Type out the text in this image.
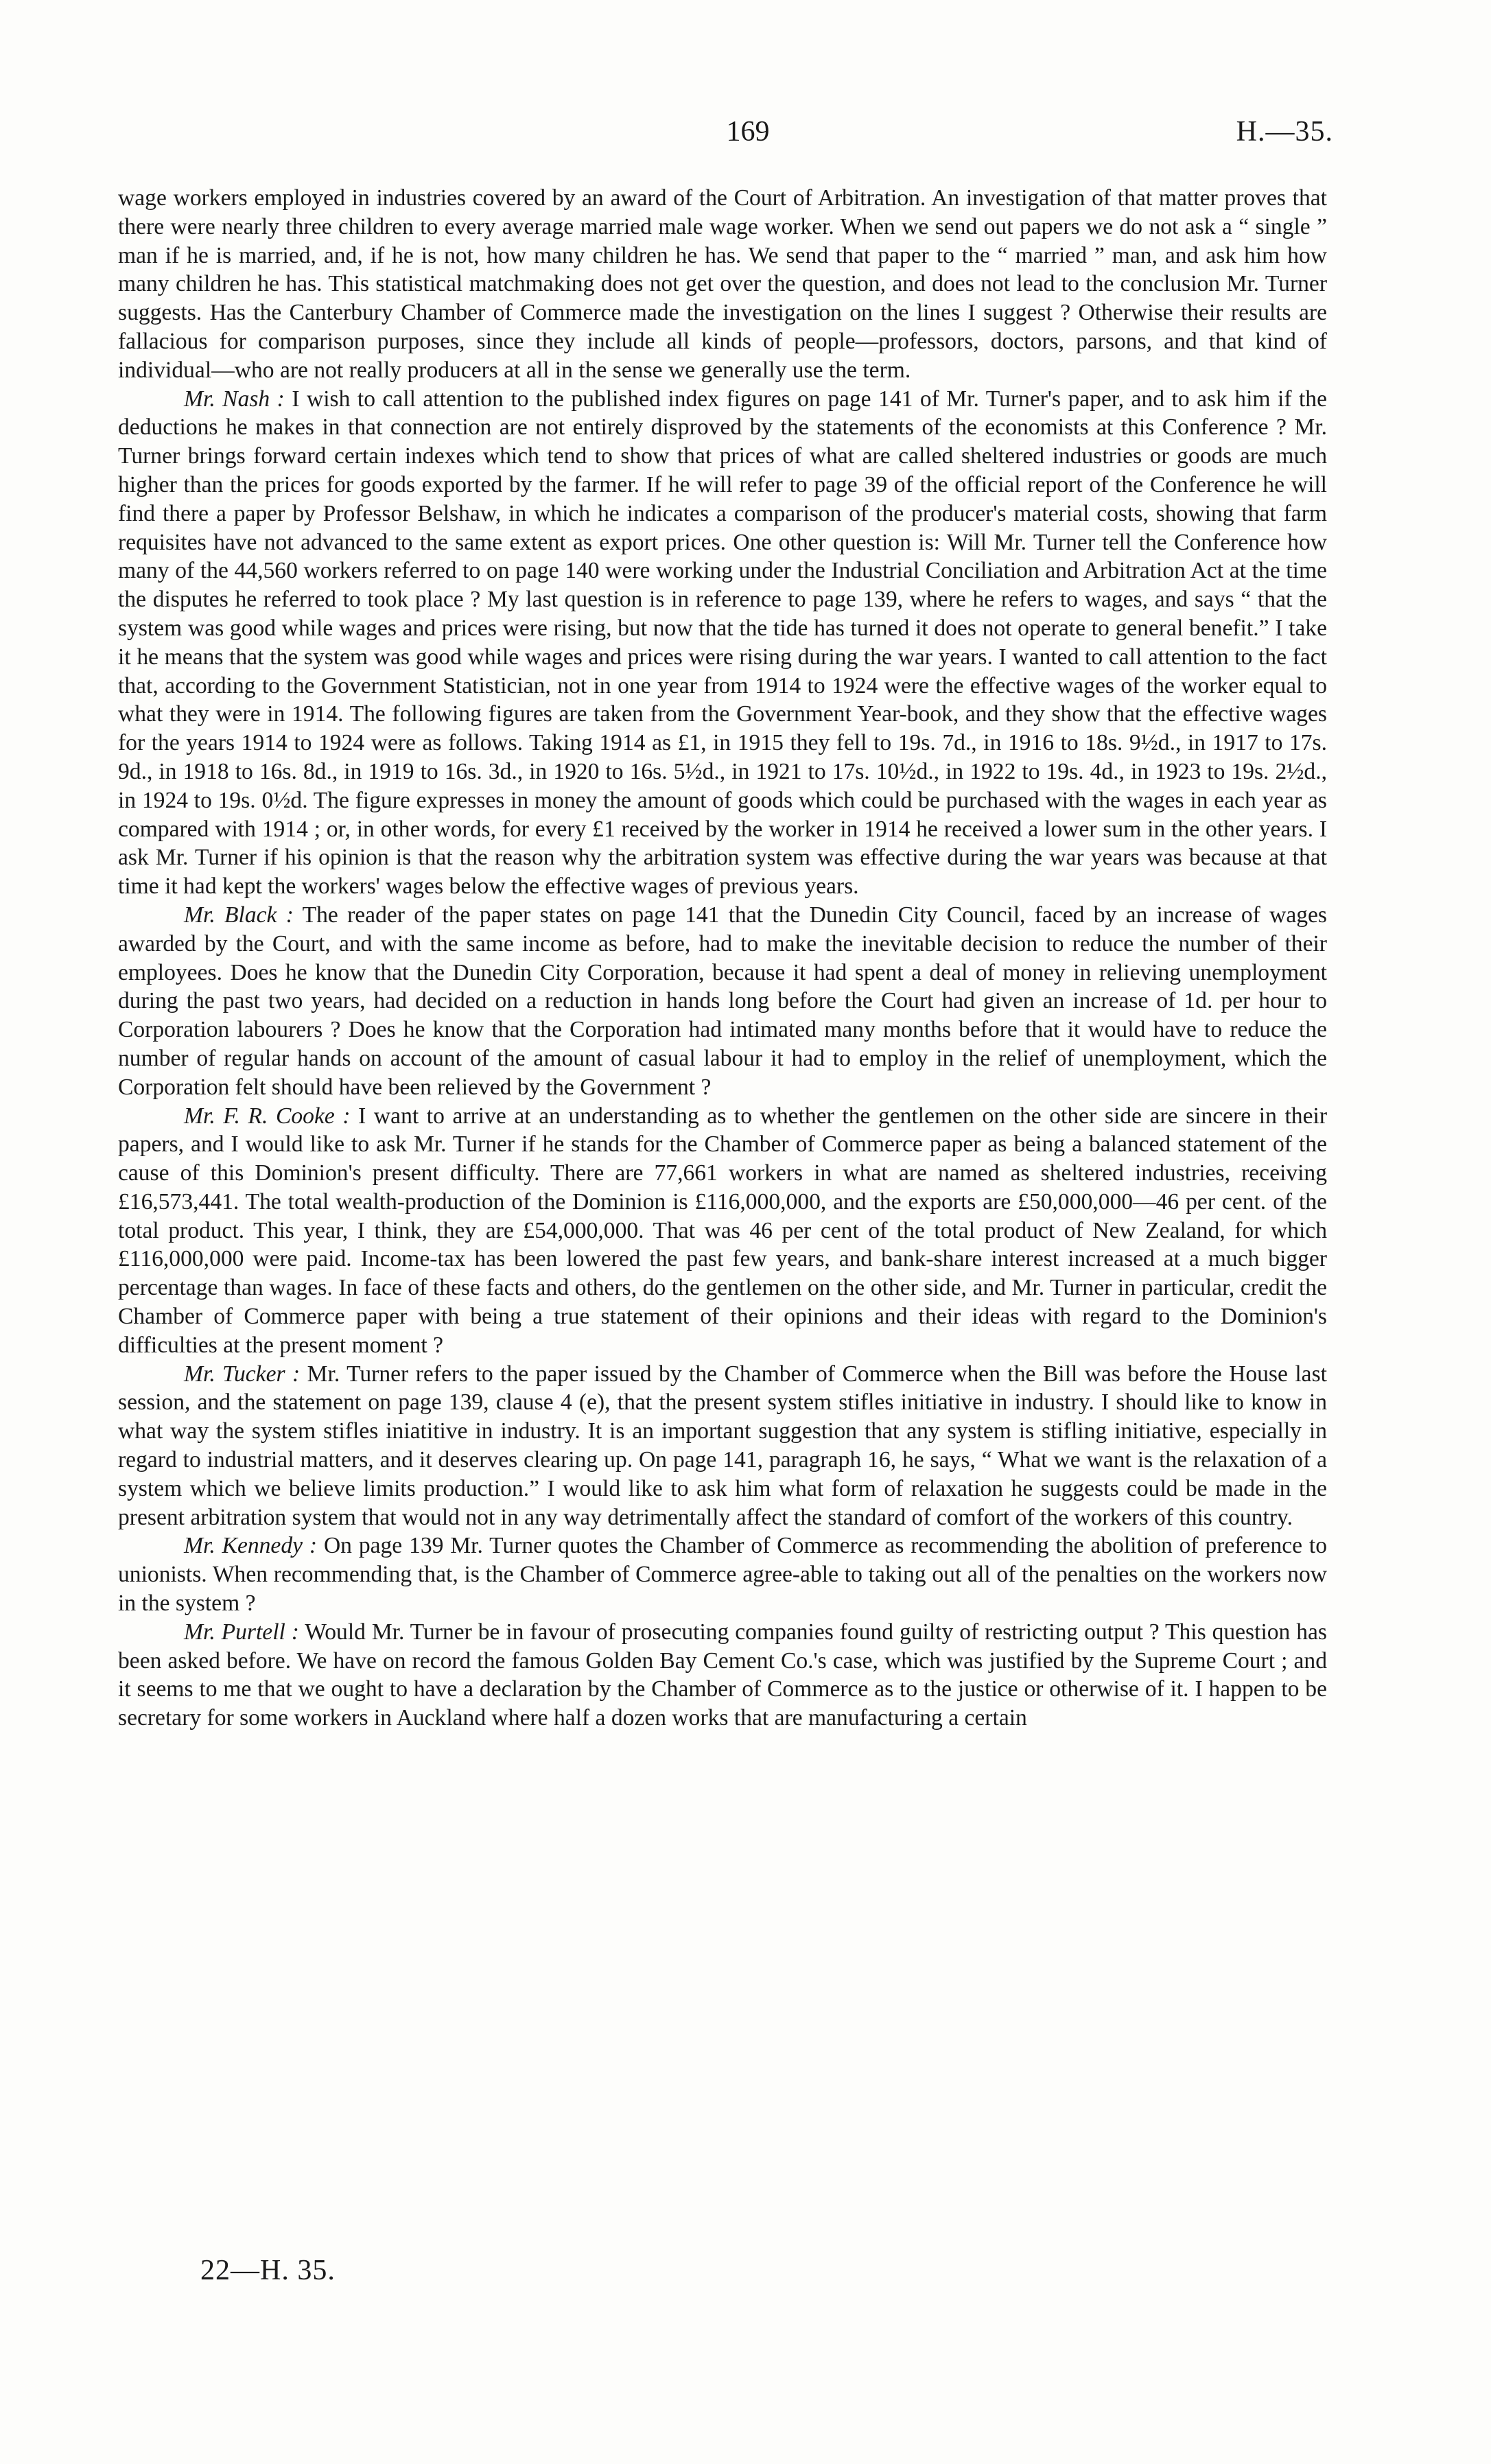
169	H.—35.

wage workers employed in industries covered by an award of the Court of Arbitration. An investigation of that matter proves that there were nearly three children to every average married male wage worker. When we send out papers we do not ask a “ single ” man if he is married, and, if he is not, how many children he has. We send that paper to the “ married ” man, and ask him how many children he has. This statistical matchmaking does not get over the question, and does not lead to the conclusion Mr. Turner suggests. Has the Canterbury Chamber of Commerce made the investigation on the lines I suggest ? Otherwise their results are fallacious for comparison purposes, since they include all kinds of people—professors, doctors, parsons, and that kind of individual—who are not really producers at all in the sense we generally use the term.

Mr. Nash : I wish to call attention to the published index figures on page 141 of Mr. Turner's paper, and to ask him if the deductions he makes in that connection are not entirely disproved by the statements of the economists at this Conference ? Mr. Turner brings forward certain indexes which tend to show that prices of what are called sheltered industries or goods are much higher than the prices for goods exported by the farmer. If he will refer to page 39 of the official report of the Conference he will find there a paper by Professor Belshaw, in which he indicates a comparison of the producer's material costs, showing that farm requisites have not advanced to the same extent as export prices. One other question is: Will Mr. Turner tell the Conference how many of the 44,560 workers referred to on page 140 were working under the Industrial Conciliation and Arbitration Act at the time the disputes he referred to took place ? My last question is in reference to page 139, where he refers to wages, and says “ that the system was good while wages and prices were rising, but now that the tide has turned it does not operate to general benefit.” I take it he means that the system was good while wages and prices were rising during the war years. I wanted to call attention to the fact that, according to the Government Statistician, not in one year from 1914 to 1924 were the effective wages of the worker equal to what they were in 1914. The following figures are taken from the Government Year-book, and they show that the effective wages for the years 1914 to 1924 were as follows. Taking 1914 as £1, in 1915 they fell to 19s. 7d., in 1916 to 18s. 9½d., in 1917 to 17s. 9d., in 1918 to 16s. 8d., in 1919 to 16s. 3d., in 1920 to 16s. 5½d., in 1921 to 17s. 10½d., in 1922 to 19s. 4d., in 1923 to 19s. 2½d., in 1924 to 19s. 0½d. The figure expresses in money the amount of goods which could be purchased with the wages in each year as compared with 1914 ; or, in other words, for every £1 received by the worker in 1914 he received a lower sum in the other years. I ask Mr. Turner if his opinion is that the reason why the arbitration system was effective during the war years was because at that time it had kept the workers' wages below the effective wages of previous years.

Mr. Black : The reader of the paper states on page 141 that the Dunedin City Council, faced by an increase of wages awarded by the Court, and with the same income as before, had to make the inevitable decision to reduce the number of their employees. Does he know that the Dunedin City Corporation, because it had spent a deal of money in relieving unemployment during the past two years, had decided on a reduction in hands long before the Court had given an increase of 1d. per hour to Corporation labourers ? Does he know that the Corporation had intimated many months before that it would have to reduce the number of regular hands on account of the amount of casual labour it had to employ in the relief of unemployment, which the Corporation felt should have been relieved by the Government ?

Mr. F. R. Cooke : I want to arrive at an understanding as to whether the gentlemen on the other side are sincere in their papers, and I would like to ask Mr. Turner if he stands for the Chamber of Commerce paper as being a balanced statement of the cause of this Dominion's present difficulty. There are 77,661 workers in what are named as sheltered industries, receiving £16,573,441. The total wealth-production of the Dominion is £116,000,000, and the exports are £50,000,000—46 per cent. of the total product. This year, I think, they are £54,000,000. That was 46 per cent of the total product of New Zealand, for which £116,000,000 were paid. Income-tax has been lowered the past few years, and bank-share interest increased at a much bigger percentage than wages. In face of these facts and others, do the gentlemen on the other side, and Mr. Turner in particular, credit the Chamber of Commerce paper with being a true statement of their opinions and their ideas with regard to the Dominion's difficulties at the present moment ?

Mr. Tucker : Mr. Turner refers to the paper issued by the Chamber of Commerce when the Bill was before the House last session, and the statement on page 139, clause 4 (e), that the present system stifles initiative in industry. I should like to know in what way the system stifles iniatitive in industry. It is an important suggestion that any system is stifling initiative, especially in regard to industrial matters, and it deserves clearing up. On page 141, paragraph 16, he says, “ What we want is the relaxation of a system which we believe limits production.” I would like to ask him what form of relaxation he suggests could be made in the present arbitration system that would not in any way detrimentally affect the standard of comfort of the workers of this country.

Mr. Kennedy : On page 139 Mr. Turner quotes the Chamber of Commerce as recommending the abolition of preference to unionists. When recommending that, is the Chamber of Commerce agree-able to taking out all of the penalties on the workers now in the system ?

Mr. Purtell : Would Mr. Turner be in favour of prosecuting companies found guilty of restricting output ? This question has been asked before. We have on record the famous Golden Bay Cement Co.'s case, which was justified by the Supreme Court ; and it seems to me that we ought to have a declaration by the Chamber of Commerce as to the justice or otherwise of it. I happen to be secretary for some workers in Auckland where half a dozen works that are manufacturing a certain

22—H. 35.
